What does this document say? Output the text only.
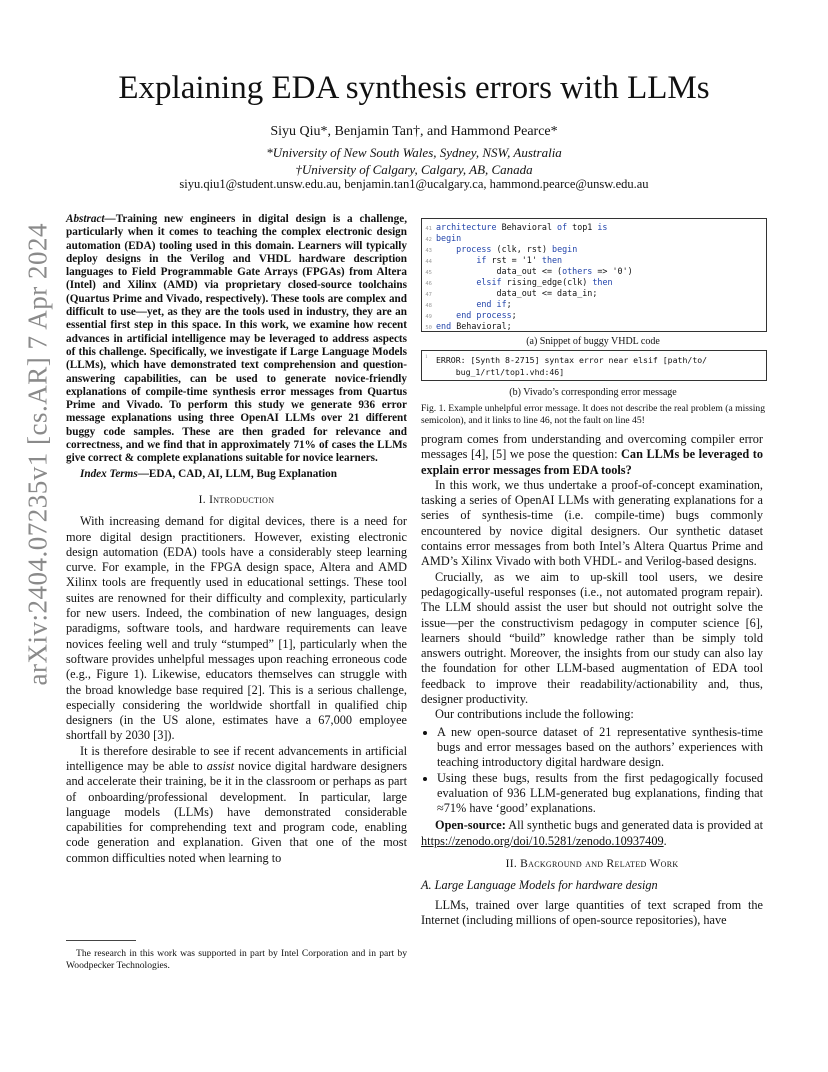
arXiv:2404.07235v1 [cs.AR] 7 Apr 2024
Explaining EDA synthesis errors with LLMs
Siyu Qiu*, Benjamin Tan†, and Hammond Pearce*
*University of New South Wales, Sydney, NSW, Australia
†University of Calgary, Calgary, AB, Canada
siyu.qiu1@student.unsw.edu.au, benjamin.tan1@ucalgary.ca, hammond.pearce@unsw.edu.au
Abstract—Training new engineers in digital design is a challenge, particularly when it comes to teaching the complex electronic design automation (EDA) tooling used in this domain. Learners will typically deploy designs in the Verilog and VHDL hardware description languages to Field Programmable Gate Arrays (FPGAs) from Altera (Intel) and Xilinx (AMD) via proprietary closed-source toolchains (Quartus Prime and Vivado, respectively). These tools are complex and difficult to use—yet, as they are the tools used in industry, they are an essential first step in this space. In this work, we examine how recent advances in artificial intelligence may be leveraged to address aspects of this challenge. Specifically, we investigate if Large Language Models (LLMs), which have demonstrated text comprehension and question-answering capabilities, can be used to generate novice-friendly explanations of compile-time synthesis error messages from Quartus Prime and Vivado. To perform this study we generate 936 error message explanations using three OpenAI LLMs over 21 different buggy code samples. These are then graded for relevance and correctness, and we find that in approximately 71% of cases the LLMs give correct & complete explanations suitable for novice learners.
Index Terms—EDA, CAD, AI, LLM, Bug Explanation
I. Introduction

With increasing demand for digital devices, there is a need for more digital design practitioners. However, existing electronic design automation (EDA) tools have a considerably steep learning curve. For example, in the FPGA design space, Altera and AMD Xilinx tools are frequently used in educational settings. These tool suites are renowned for their difficulty and complexity, particularly for new users. Indeed, the combination of new languages, design paradigms, software tools, and hardware requirements can leave novices feeling well and truly “stumped” [1], particularly when the software provides unhelpful messages upon reaching erroneous code (e.g., Figure 1). Likewise, educators themselves can struggle with the broad knowledge base required [2]. This is a serious challenge, especially considering the worldwide shortfall in qualified chip designers (in the US alone, estimates have a 67,000 employee shortfall by 2030 [3]).

It is therefore desirable to see if recent advancements in artificial intelligence may be able to assist novice digital hardware designers and accelerate their training, be it in the classroom or perhaps as part of onboarding/professional development. In particular, large language models (LLMs) have demonstrated considerable capabilities for comprehending text and program code, enabling code generation and explanation. Given that one of the most common difficulties noted when learning to

The research in this work was supported in part by Intel Corporation and in part by Woodpecker Technologies.
41 architecture Behavioral of top1 is
42 begin
43	process (clk, rst) begin
44	if rst = '1' then
45	data_out <= (others => '0')
46	elsif rising_edge(clk) then
47	data_out <= data_in;
48	end if;
49	end process;
50 end Behavioral;
(a) Snippet of buggy VHDL code
1 ERROR: [Synth 8-2715] syntax error near elsif [path/to/
bug_1/rtl/top1.vhd:46]
(b) Vivado’s corresponding error message
Fig. 1. Example unhelpful error message. It does not describe the real problem (a missing semicolon), and it links to line 46, not the fault on line 45!

program comes from understanding and overcoming compiler error messages [4], [5] we pose the question: Can LLMs be leveraged to explain error messages from EDA tools?

In this work, we thus undertake a proof-of-concept examination, tasking a series of OpenAI LLMs with generating explanations for a series of synthesis-time (i.e. compile-time) bugs commonly encountered by novice digital designers. Our synthetic dataset contains error messages from both Intel’s Altera Quartus Prime and AMD’s Xilinx Vivado with both VHDL- and Verilog-based designs.

Crucially, as we aim to up-skill tool users, we desire pedagogically-useful responses (i.e., not automated program repair). The LLM should assist the user but should not outright solve the issue—per the constructivism pedagogy in computer science [6], learners should “build” knowledge rather than be simply told answers outright. Moreover, the insights from our study can also lay the foundation for other LLM-based augmentation of EDA tool feedback to improve their readability/actionability and, thus, designer productivity.

Our contributions include the following:

• A new open-source dataset of 21 representative synthesis-time bugs and error messages based on the authors’ experiences with teaching introductory digital hardware design.
• Using these bugs, results from the first pedagogically focused evaluation of 936 LLM-generated bug explanations, finding that ≈71% have ‘good’ explanations.

Open-source: All synthetic bugs and generated data is provided at https://zenodo.org/doi/10.5281/zenodo.10937409.

II. Background and Related Work

A. Large Language Models for hardware design

LLMs, trained over large quantities of text scraped from the Internet (including millions of open-source repositories), have
